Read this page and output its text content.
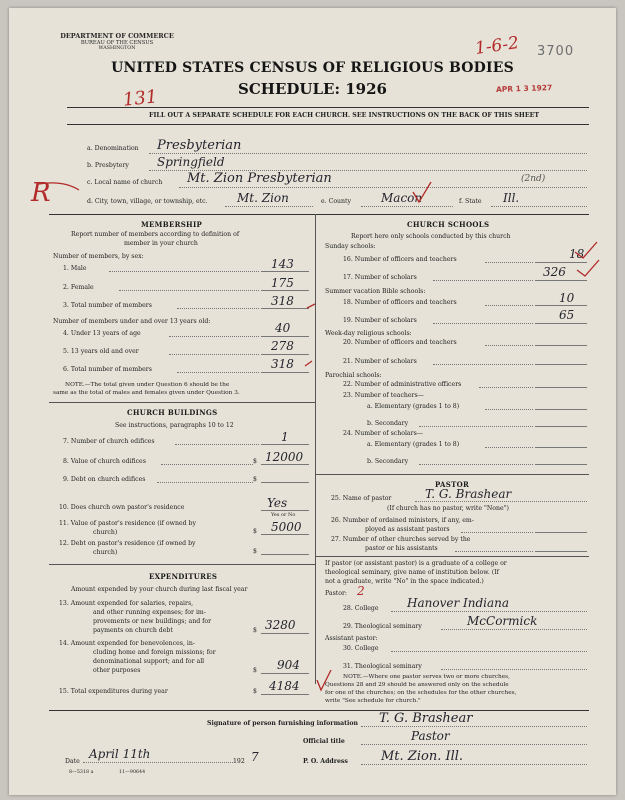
DEPARTMENT OF COMMERCE
BUREAU OF THE CENSUS
WASHINGTON
UNITED STATES CENSUS OF RELIGIOUS BODIES
SCHEDULE: 1926
FILL OUT A SEPARATE SCHEDULE FOR EACH CHURCH. SEE INSTRUCTIONS ON THE BACK OF THIS SHEET
3700
APR 1 3 1927
131
1-6-2
R
a. Denomination Presbyterian
b. Presbytery Springfield
c. Local name of church Mt. Zion Presbyterian	(2nd)
d. City, town, village, or township, etc. Mt. Zion	e. County Macon	f. State Ill.
MEMBERSHIP
Report number of members according to definition of
member in your church
Number of members, by sex:
1. Male	143
2. Female	175
3. Total number of members	318
Number of members under and over 13 years old:
4. Under 13 years of age	40
5. 13 years old and over	278
6. Total number of members	318
NOTE.—The total given under Question 6 should be the
same as the total of males and females given under Question 3.
CHURCH BUILDINGS
See instructions, paragraphs 10 to 12
7. Number of church edifices	1
8. Value of church edifices	$ 12000
9. Debt on church edifices	$
10. Does church own pastor's residence	Yes
Yes or No
11. Value of pastor's residence (if owned by
church)	$ 5000
12. Debt on pastor's residence (if owned by
church)	$
EXPENDITURES
Amount expended by your church during last fiscal year
13. Amount expended for salaries, repairs,
and other running expenses; for im-
provements or new buildings; and for
payments on church debt	$ 3280
14. Amount expended for benevolences, in-
cluding home and foreign missions; for
denominational support; and for all
other purposes	$ 904
15. Total expenditures during year	$ 4184
CHURCH SCHOOLS
Report here only schools conducted by this church
Sunday schools:
16. Number of officers and teachers	18
17. Number of scholars	326
Summer vacation Bible schools:
18. Number of officers and teachers	10
19. Number of scholars	65
Week-day religious schools:
20. Number of officers and teachers
21. Number of scholars
Parochial schools:
22. Number of administrative officers
23. Number of teachers—
a. Elementary (grades 1 to 8)
b. Secondary
24. Number of scholars—
a. Elementary (grades 1 to 8)
b. Secondary
PASTOR
25. Name of pastor	T. G. Brashear
(If church has no pastor, write "None")
26. Number of ordained ministers, if any, em-
ployed as assistant pastors
27. Number of other churches served by the
pastor or his assistants
If pastor (or assistant pastor) is a graduate of a college or
theological seminary, give name of institution below. (If
not a graduate, write "No" in the space indicated.)
Pastor: 2
28. College Hanover Indiana
29. Theological seminary	McCormick
Assistant pastor:
30. College
31. Theological seminary
NOTE.—Where one pastor serves two or more churches,
Questions 28 and 29 should be answered only on the schedule
for one of the churches; on the schedules for the other churches,
write "See schedule for church."
Signature of person furnishing information T. G. Brashear
Official title	Pastor
Date
April 11th
192 7	P. O. Address	Mt. Zion. Ill.
8—5318 a	11—90644
